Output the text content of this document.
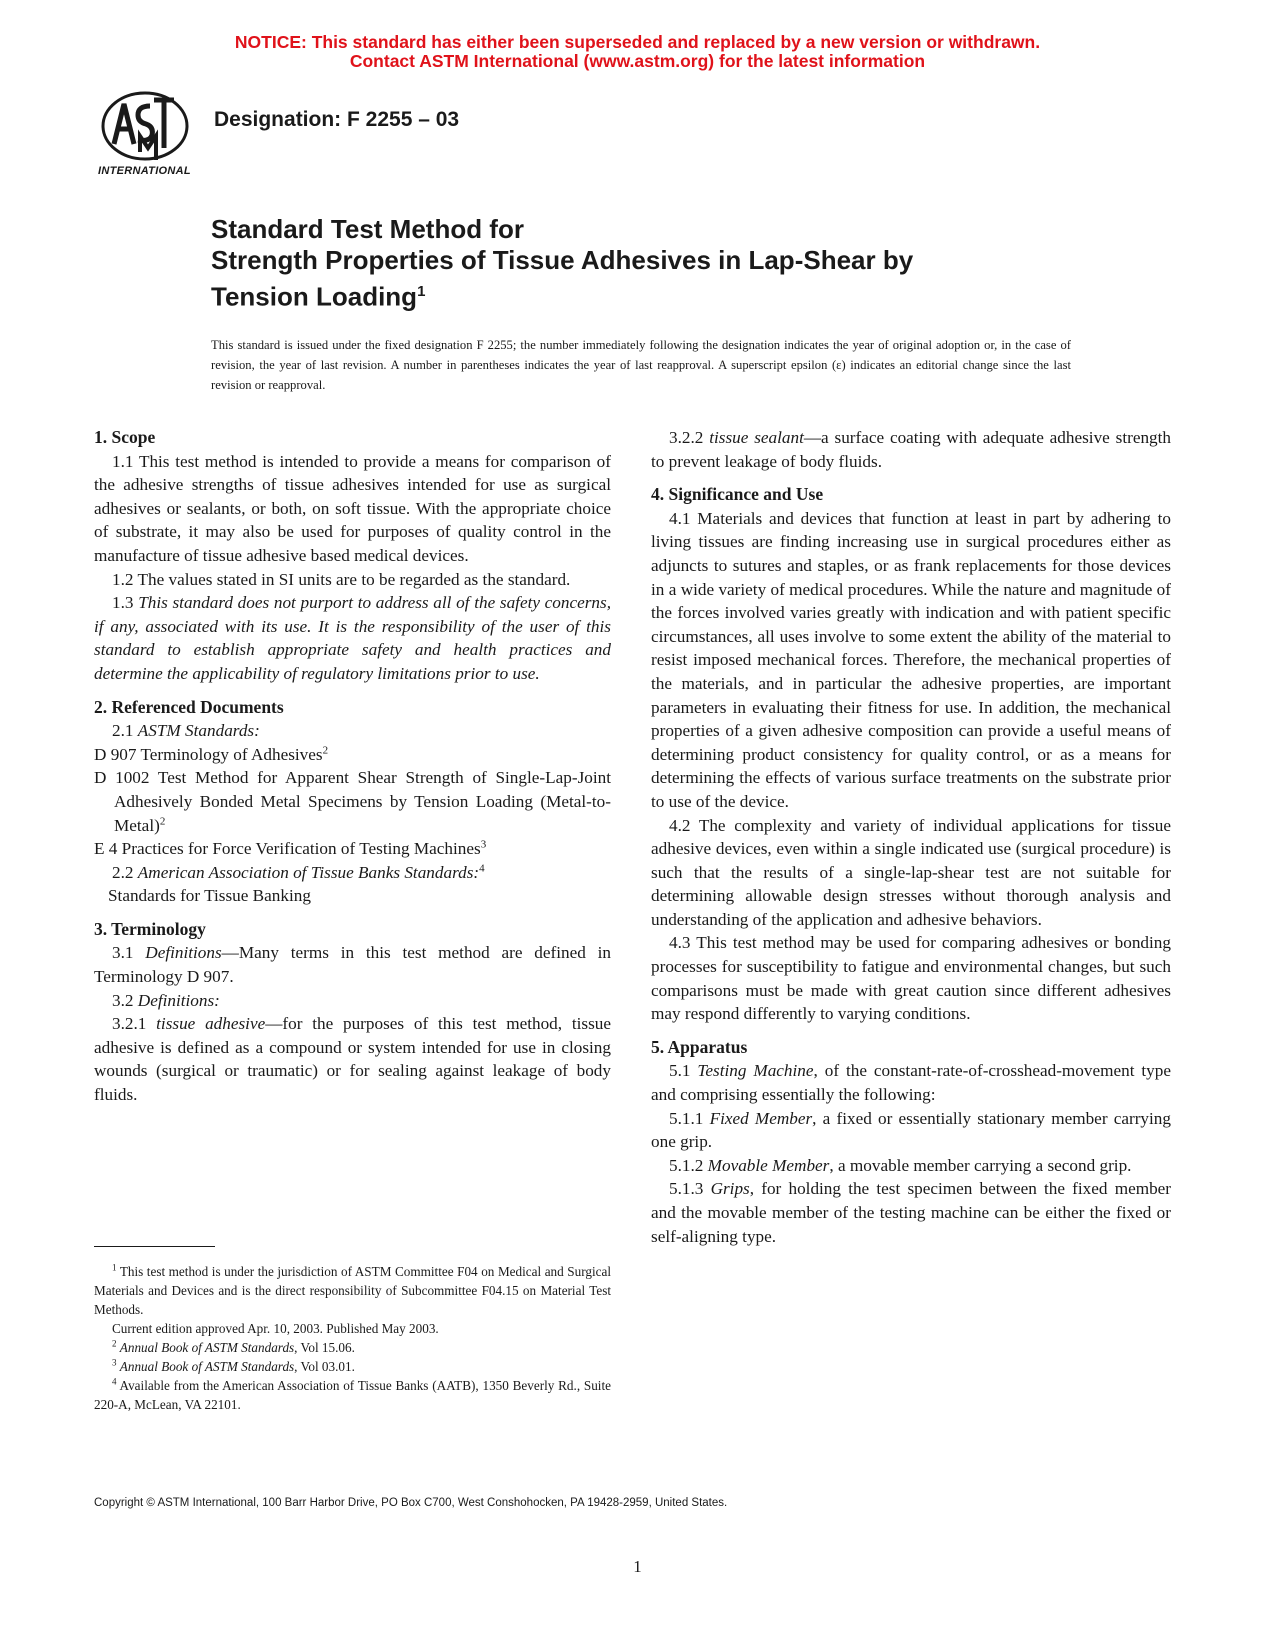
NOTICE: This standard has either been superseded and replaced by a new version or withdrawn.
Contact ASTM International (www.astm.org) for the latest information
INTERNATIONAL
Designation: F 2255 – 03
Standard Test Method for
Strength Properties of Tissue Adhesives in Lap-Shear by
Tension Loading$^1$
This standard is issued under the fixed designation F 2255; the number immediately following the designation indicates the year of original adoption or, in the case of revision, the year of last revision. A number in parentheses indicates the year of last reapproval. A superscript epsilon (ε) indicates an editorial change since the last revision or reapproval.
1. Scope

1.1 This test method is intended to provide a means for comparison of the adhesive strengths of tissue adhesives intended for use as surgical adhesives or sealants, or both, on soft tissue. With the appropriate choice of substrate, it may also be used for purposes of quality control in the manufacture of tissue adhesive based medical devices.

1.2 The values stated in SI units are to be regarded as the standard.

1.3 This standard does not purport to address all of the safety concerns, if any, associated with its use. It is the responsibility of the user of this standard to establish appropriate safety and health practices and determine the applicability of regulatory limitations prior to use.

2. Referenced Documents

2.1 ASTM Standards:

D 907 Terminology of Adhesives$^2$

D 1002 Test Method for Apparent Shear Strength of Single-Lap-Joint Adhesively Bonded Metal Specimens by Tension Loading (Metal-to-Metal)$^2$

E 4 Practices for Force Verification of Testing Machines$^3$

2.2 American Association of Tissue Banks Standards:$^4$

Standards for Tissue Banking

3. Terminology

3.1 Definitions—Many terms in this test method are defined in Terminology D 907.

3.2 Definitions:

3.2.1 tissue adhesive—for the purposes of this test method, tissue adhesive is defined as a compound or system intended for use in closing wounds (surgical or traumatic) or for sealing against leakage of body fluids.

3.2.2 tissue sealant—a surface coating with adequate adhesive strength to prevent leakage of body fluids.

4. Significance and Use

4.1 Materials and devices that function at least in part by adhering to living tissues are finding increasing use in surgical procedures either as adjuncts to sutures and staples, or as frank replacements for those devices in a wide variety of medical procedures. While the nature and magnitude of the forces involved varies greatly with indication and with patient specific circumstances, all uses involve to some extent the ability of the material to resist imposed mechanical forces. Therefore, the mechanical properties of the materials, and in particular the adhesive properties, are important parameters in evaluating their fitness for use. In addition, the mechanical properties of a given adhesive composition can provide a useful means of determining product consistency for quality control, or as a means for determining the effects of various surface treatments on the substrate prior to use of the device.

4.2 The complexity and variety of individual applications for tissue adhesive devices, even within a single indicated use (surgical procedure) is such that the results of a single-lap-shear test are not suitable for determining allowable design stresses without thorough analysis and understanding of the application and adhesive behaviors.

4.3 This test method may be used for comparing adhesives or bonding processes for susceptibility to fatigue and environmental changes, but such comparisons must be made with great caution since different adhesives may respond differently to varying conditions.

5. Apparatus

5.1 Testing Machine, of the constant-rate-of-crosshead-movement type and comprising essentially the following:

5.1.1 Fixed Member, a fixed or essentially stationary member carrying one grip.

5.1.2 Movable Member, a movable member carrying a second grip.

5.1.3 Grips, for holding the test specimen between the fixed member and the movable member of the testing machine can be either the fixed or self-aligning type.

$^1$ This test method is under the jurisdiction of ASTM Committee F04 on Medical and Surgical Materials and Devices and is the direct responsibility of Subcommittee F04.15 on Material Test Methods.

Current edition approved Apr. 10, 2003. Published May 2003.

$^2$ Annual Book of ASTM Standards, Vol 15.06.

$^3$ Annual Book of ASTM Standards, Vol 03.01.

$^4$ Available from the American Association of Tissue Banks (AATB), 1350 Beverly Rd., Suite 220-A, McLean, VA 22101.

Copyright © ASTM International, 100 Barr Harbor Drive, PO Box C700, West Conshohocken, PA 19428-2959, United States.
1
